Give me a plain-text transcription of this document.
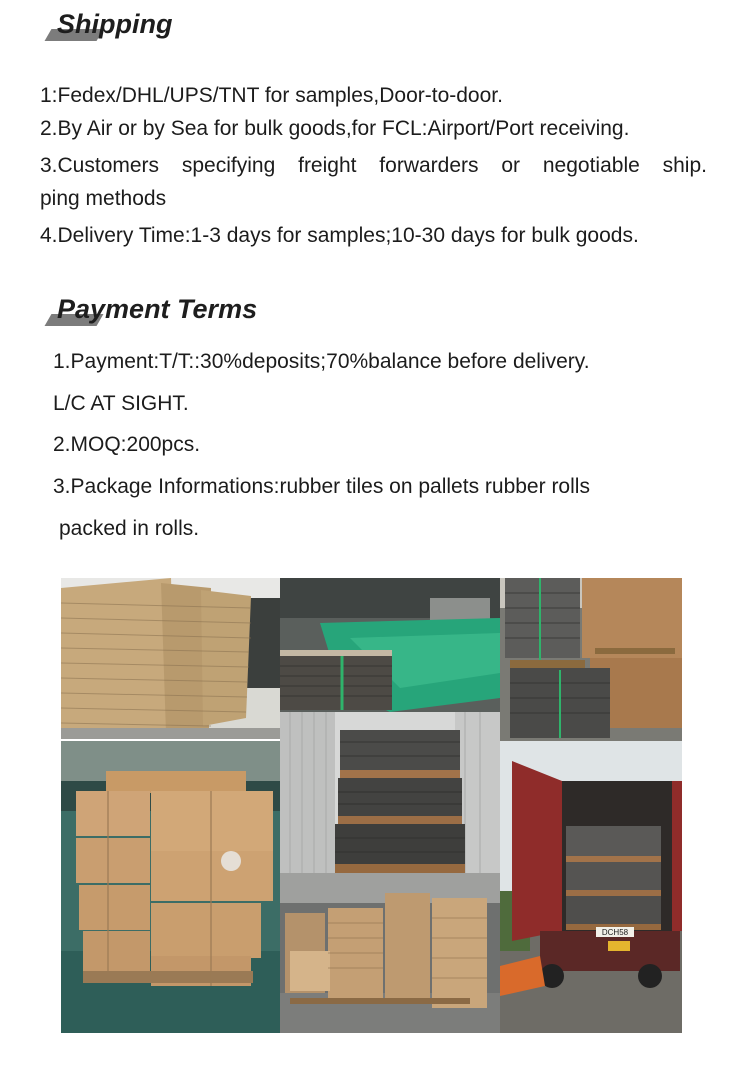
Shipping
1:Fedex/DHL/UPS/TNT for samples,Door-to-door.
2.By Air or by Sea for bulk goods,for FCL:Airport/Port receiving.
3.Customers specifying freight forwarders or negotiable ship.
ping methods
4.Delivery Time:1-3 days for samples;10-30 days for bulk goods.
Payment Terms
1.Payment:T/T::30%deposits;70%balance before delivery.
L/C AT SIGHT.
2.MOQ:200pcs.
3.Package Informations:rubber tiles on pallets rubber rolls
packed in rolls.
DCH58
